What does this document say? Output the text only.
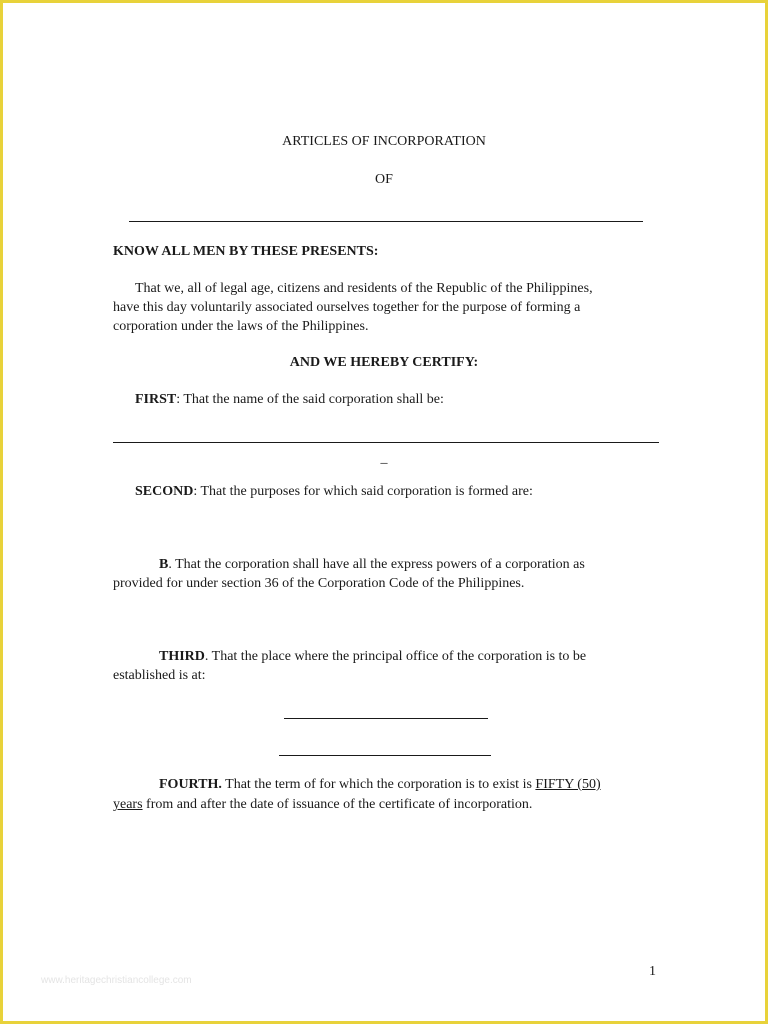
ARTICLES OF INCORPORATION
OF
KNOW ALL MEN BY THESE PRESENTS:
That we, all of legal age, citizens and residents of the Republic of the Philippines,
have this day voluntarily associated ourselves together for the purpose of forming a
corporation under the laws of the Philippines.
AND WE HEREBY CERTIFY:
FIRST: That the name of the said corporation shall be:
_
SECOND: That the purposes for which said corporation is formed are:
B. That the corporation shall have all the express powers of a corporation as
provided for under section 36 of the Corporation Code of the Philippines.
THIRD. That the place where the principal office of the corporation is to be
established is at:
FOURTH. That the term of for which the corporation is to exist is FIFTY (50)
years from and after the date of issuance of the certificate of incorporation.
1
www.heritagechristiancollege.com
